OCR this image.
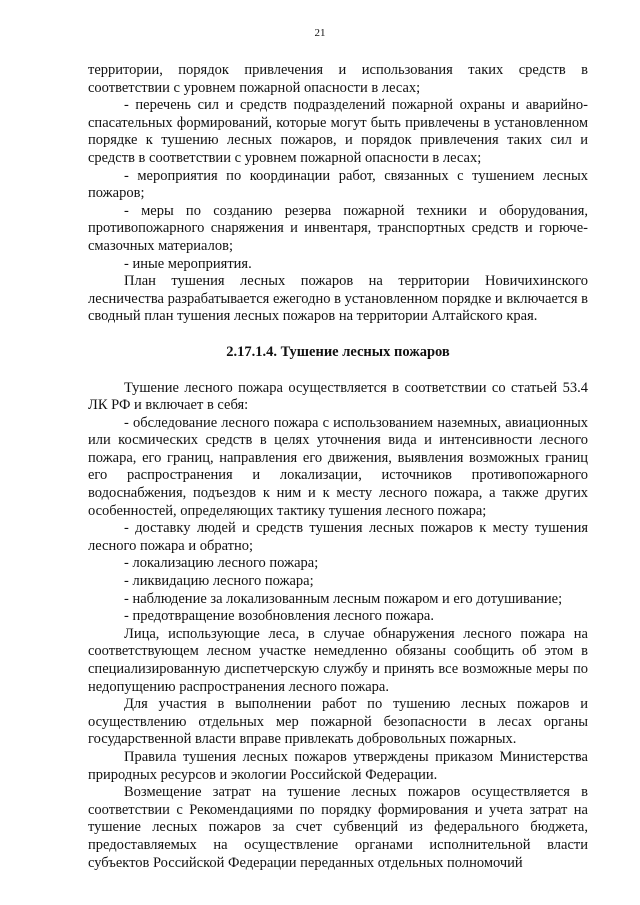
21

территории, порядок привлечения и использования таких средств в соответствии с уровнем пожарной опасности в лесах;

- перечень сил и средств подразделений пожарной охраны и аварийно-спасательных формирований, которые могут быть привлечены в установленном порядке к тушению лесных пожаров, и порядок привлечения таких сил и средств в соответствии с уровнем пожарной опасности в лесах;

- мероприятия по координации работ, связанных с тушением лесных пожаров;

- меры по созданию резерва пожарной техники и оборудования, противопожарного снаряжения и инвентаря, транспортных средств и горюче-смазочных материалов;

- иные мероприятия.

План тушения лесных пожаров на территории Новичихинского лесничества разрабатывается ежегодно в установленном порядке и включается в сводный план тушения лесных пожаров на территории Алтайского края.

2.17.1.4. Тушение лесных пожаров

Тушение лесного пожара осуществляется в соответствии со статьей 53.4 ЛК РФ и включает в себя:

- обследование лесного пожара с использованием наземных, авиационных или космических средств в целях уточнения вида и интенсивности лесного пожара, его границ, направления его движения, выявления возможных границ его распространения и локализации, источников противопожарного водоснабжения, подъездов к ним и к месту лесного пожара, а также других особенностей, определяющих тактику тушения лесного пожара;

- доставку людей и средств тушения лесных пожаров к месту тушения лесного пожара и обратно;

- локализацию лесного пожара;

- ликвидацию лесного пожара;

- наблюдение за локализованным лесным пожаром и его дотушивание;

- предотвращение возобновления лесного пожара.

Лица, использующие леса, в случае обнаружения лесного пожара на соответствующем лесном участке немедленно обязаны сообщить об этом в специализированную диспетчерскую службу и принять все возможные меры по недопущению распространения лесного пожара.

Для участия в выполнении работ по тушению лесных пожаров и осуществлению отдельных мер пожарной безопасности в лесах органы государственной власти вправе привлекать добровольных пожарных.

Правила тушения лесных пожаров утверждены приказом Министерства природных ресурсов и экологии Российской Федерации.

Возмещение затрат на тушение лесных пожаров осуществляется в соответствии с Рекомендациями по порядку формирования и учета затрат на тушение лесных пожаров за счет субвенций из федерального бюджета, предоставляемых на осуществление органами исполнительной власти субъектов Российской Федерации переданных отдельных полномочий
